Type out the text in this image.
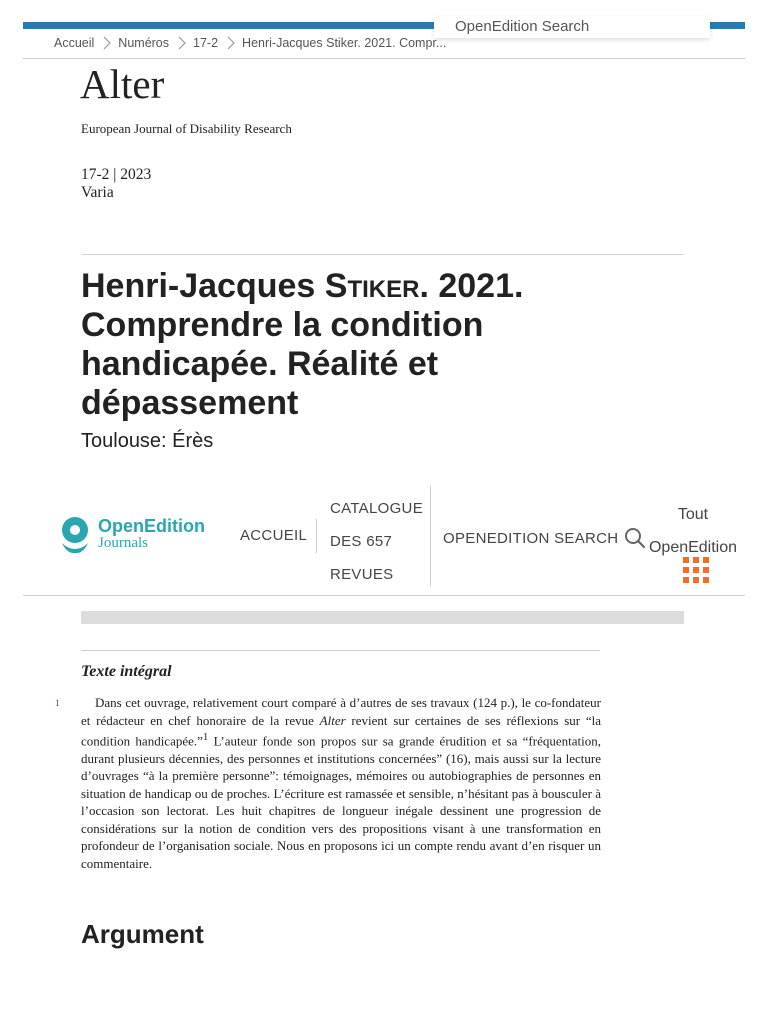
OpenEdition Search
Accueil Numéros 17-2 Henri-Jacques Stiker. 2021. Compr...
Alter
European Journal of Disability Research
17-2 | 2023
Varia
Henri-Jacques Stiker. 2021. Comprendre la condition handicapée. Réalité et dépassement
Toulouse: Érès
OpenEdition
Journals	ACCUEIL
CATALOGUE
DES 657
REVUES
OPENEDITION SEARCH
Tout
OpenEdition
Texte intégral
1	Dans cet ouvrage, relativement court comparé à d’autres de ses travaux (124 p.), le co-fondateur et rédacteur en chef honoraire de la revue Alter revient sur certaines de ses réflexions sur “la condition handicapée.”$^1$ L’auteur fonde son propos sur sa grande érudition et sa “fréquentation, durant plusieurs décennies, des personnes et institutions concernées” (16), mais aussi sur la lecture d’ouvrages “à la première personne”: témoignages, mémoires ou autobiographies de personnes en situation de handicap ou de proches. L’écriture est ramassée et sensible, n’hésitant pas à bousculer à l’occasion son lectorat. Les huit chapitres de longueur inégale dessinent une progression de considérations sur la notion de condition vers des propositions visant à une transformation en profondeur de l’organisation sociale. Nous en proposons ici un compte rendu avant d’en risquer un commentaire.

Argument
